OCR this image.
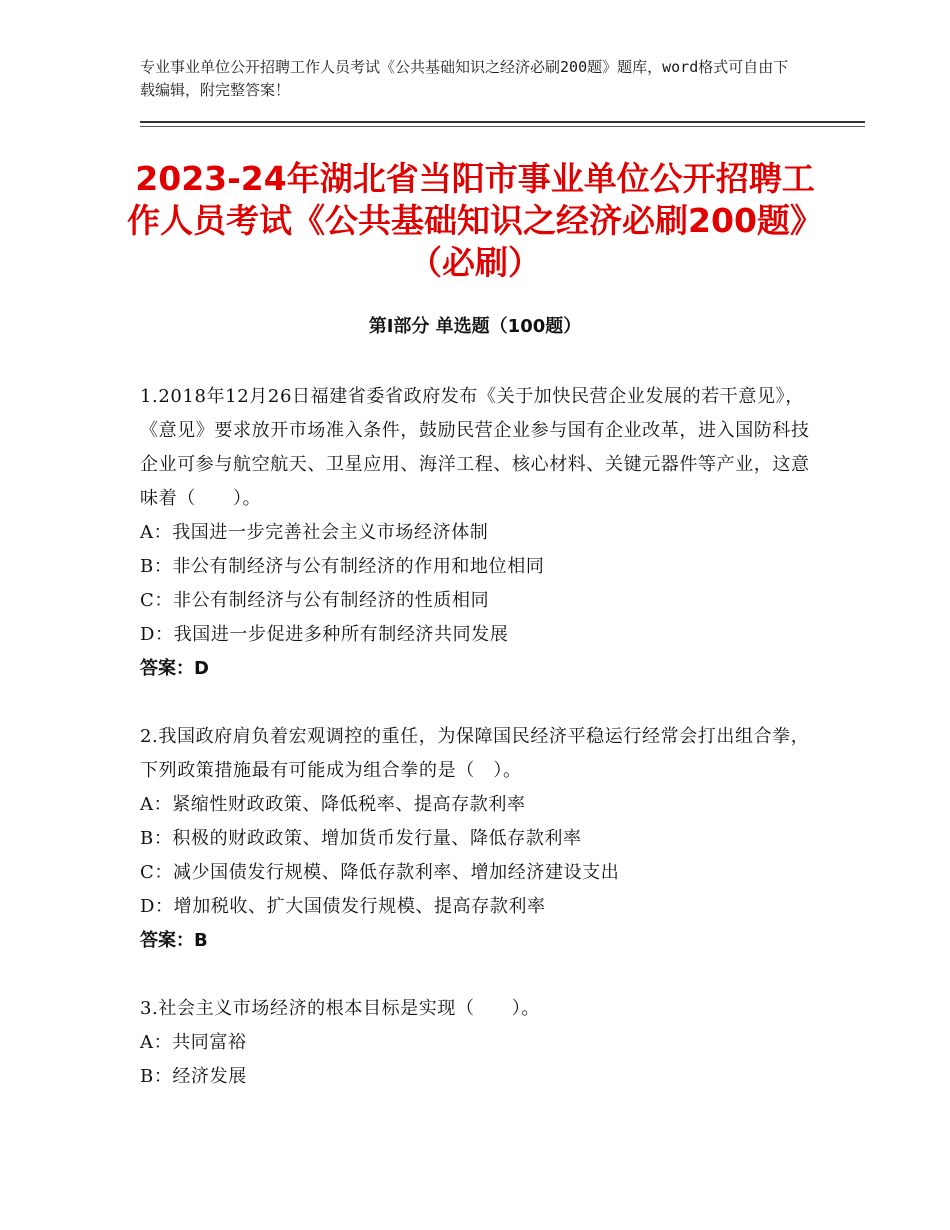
专业事业单位公开招聘工作人员考试《公共基础知识之经济必刷200题》题库，word格式可自由下载编辑，附完整答案！
2023-24年湖北省当阳市事业单位公开招聘工作人员考试《公共基础知识之经济必刷200题》（必刷）
第I部分 单选题（100题）
1.2018年12月26日福建省委省政府发布《关于加快民营企业发展的若干意见》，《意见》要求放开市场准入条件，鼓励民营企业参与国有企业改革，进入国防科技企业可参与航空航天、卫星应用、海洋工程、核心材料、关键元器件等产业，这意味着（　　）。
A：我国进一步完善社会主义市场经济体制
B：非公有制经济与公有制经济的作用和地位相同
C：非公有制经济与公有制经济的性质相同
D：我国进一步促进多种所有制经济共同发展
答案：D
2.我国政府肩负着宏观调控的重任，为保障国民经济平稳运行经常会打出组合拳，下列政策措施最有可能成为组合拳的是（　）。
A：紧缩性财政政策、降低税率、提高存款利率
B：积极的财政政策、增加货币发行量、降低存款利率
C：减少国债发行规模、降低存款利率、增加经济建设支出
D：增加税收、扩大国债发行规模、提高存款利率
答案：B
3.社会主义市场经济的根本目标是实现（　　）。
A：共同富裕
B：经济发展
